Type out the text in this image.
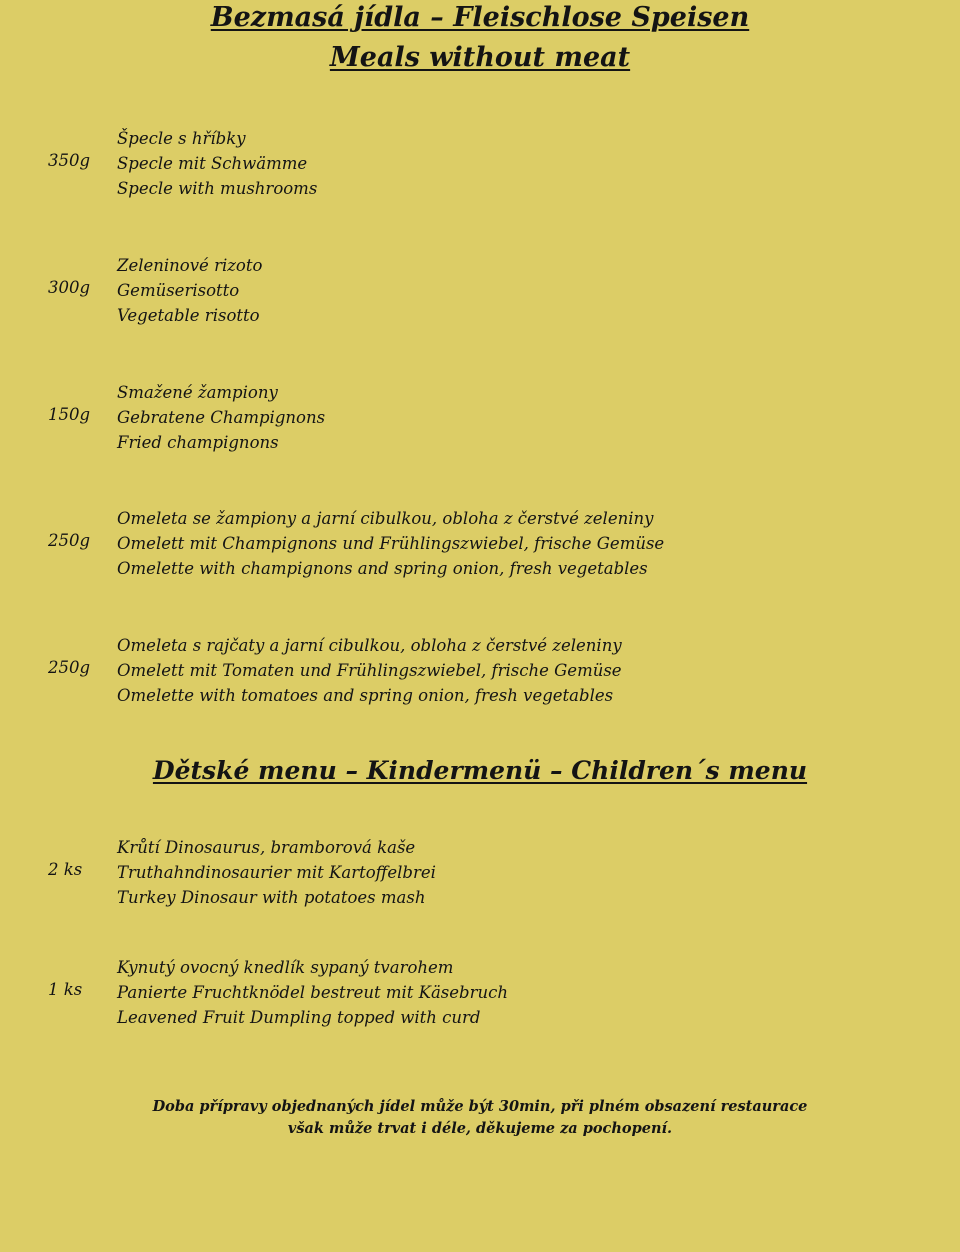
Bezmasá jídla – Fleischlose Speisen
Meals without meat
350g
Špecle s hříbky
Specle mit Schwämme
Specle with mushrooms
300g
Zeleninové rizoto
Gemüserisotto
Vegetable risotto
150g
Smažené žampiony
Gebratene Champignons
Fried champignons
250g
Omeleta se žampiony a jarní cibulkou, obloha z čerstvé zeleniny
Omelett mit Champignons und Frühlingszwiebel, frische Gemüse
Omelette with champignons and spring onion, fresh vegetables
250g
Omeleta s rajčaty a jarní cibulkou, obloha z čerstvé zeleniny
Omelett mit Tomaten und Frühlingszwiebel, frische Gemüse
Omelette with tomatoes and spring onion, fresh vegetables
Dětské menu – Kindermenü – Children´s menu
2 ks
Krůtí Dinosaurus, bramborová kaše
Truthahndinosaurier mit Kartoffelbrei
Turkey Dinosaur with potatoes mash
1 ks
Kynutý ovocný knedlík sypaný tvarohem
Panierte Fruchtknödel bestreut mit Käsebruch
Leavened Fruit Dumpling topped with curd
Doba přípravy objednaných jídel může být 30min, při plném obsazení restaurace
však může trvat i déle, děkujeme za pochopení.
